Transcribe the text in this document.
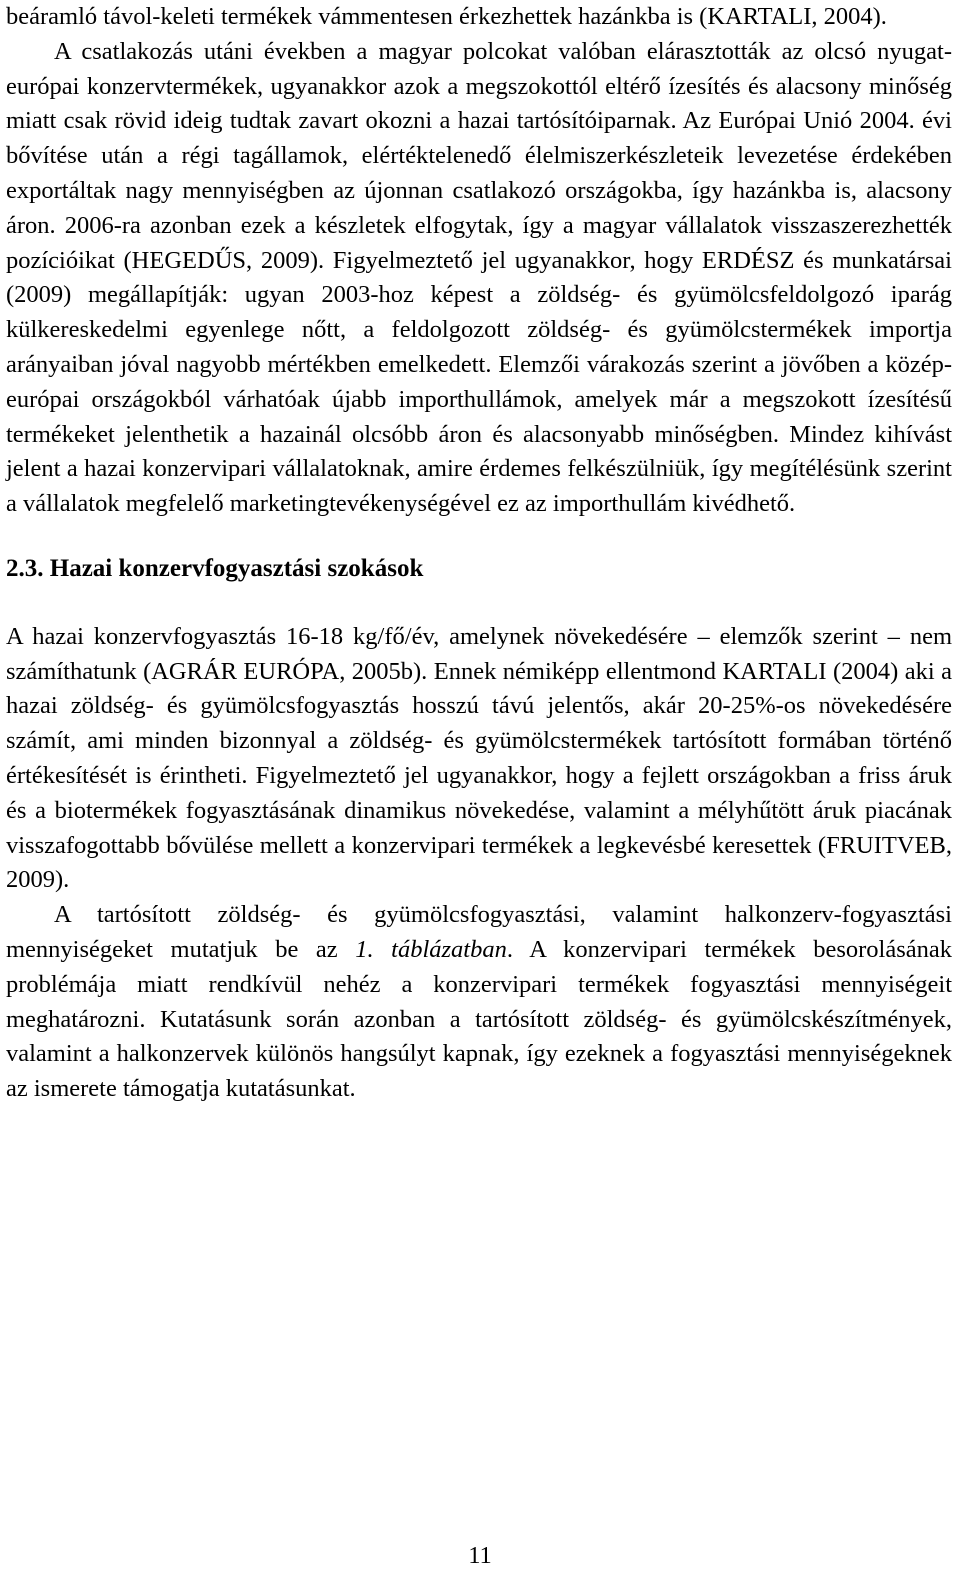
beáramló távol-keleti termékek vámmentesen érkezhettek hazánkba is (KARTALI, 2004).

A csatlakozás utáni években a magyar polcokat valóban elárasztották az olcsó nyugat-európai konzervtermékek, ugyanakkor azok a megszokottól eltérő ízesítés és alacsony minőség miatt csak rövid ideig tudtak zavart okozni a hazai tartósítóiparnak. Az Európai Unió 2004. évi bővítése után a régi tagállamok, elértéktelenedő élelmiszerkészleteik levezetése érdekében exportáltak nagy mennyiségben az újonnan csatlakozó országokba, így hazánkba is, alacsony áron. 2006-ra azonban ezek a készletek elfogytak, így a magyar vállalatok visszaszerezhették pozícióikat (HEGEDŰS, 2009). Figyelmeztető jel ugyanakkor, hogy ERDÉSZ és munkatársai (2009) megállapítják: ugyan 2003-hoz képest a zöldség- és gyümölcsfeldolgozó iparág külkereskedelmi egyenlege nőtt, a feldolgozott zöldség- és gyümölcstermékek importja arányaiban jóval nagyobb mértékben emelkedett. Elemzői várakozás szerint a jövőben a közép-európai országokból várhatóak újabb importhullámok, amelyek már a megszokott ízesítésű termékeket jelenthetik a hazainál olcsóbb áron és alacsonyabb minőségben. Mindez kihívást jelent a hazai konzervipari vállalatoknak, amire érdemes felkészülniük, így megítélésünk szerint a vállalatok megfelelő marketingtevékenységével ez az importhullám kivédhető.

2.3. Hazai konzervfogyasztási szokások

A hazai konzervfogyasztás 16-18 kg/fő/év, amelynek növekedésére – elemzők szerint – nem számíthatunk (AGRÁR EURÓPA, 2005b). Ennek némiképp ellentmond KARTALI (2004) aki a hazai zöldség- és gyümölcsfogyasztás hosszú távú jelentős, akár 20-25%-os növekedésére számít, ami minden bizonnyal a zöldség- és gyümölcstermékek tartósított formában történő értékesítését is érintheti. Figyelmeztető jel ugyanakkor, hogy a fejlett országokban a friss áruk és a biotermékek fogyasztásának dinamikus növekedése, valamint a mélyhűtött áruk piacának visszafogottabb bővülése mellett a konzervipari termékek a legkevésbé keresettek (FRUITVEB, 2009).

A tartósított zöldség- és gyümölcsfogyasztási, valamint halkonzerv-fogyasztási mennyiségeket mutatjuk be az 1. táblázatban. A konzervipari termékek besorolásának problémája miatt rendkívül nehéz a konzervipari termékek fogyasztási mennyiségeit meghatározni. Kutatásunk során azonban a tartósított zöldség- és gyümölcskészítmények, valamint a halkonzervek különös hangsúlyt kapnak, így ezeknek a fogyasztási mennyiségeknek az ismerete támogatja kutatásunkat.

11
